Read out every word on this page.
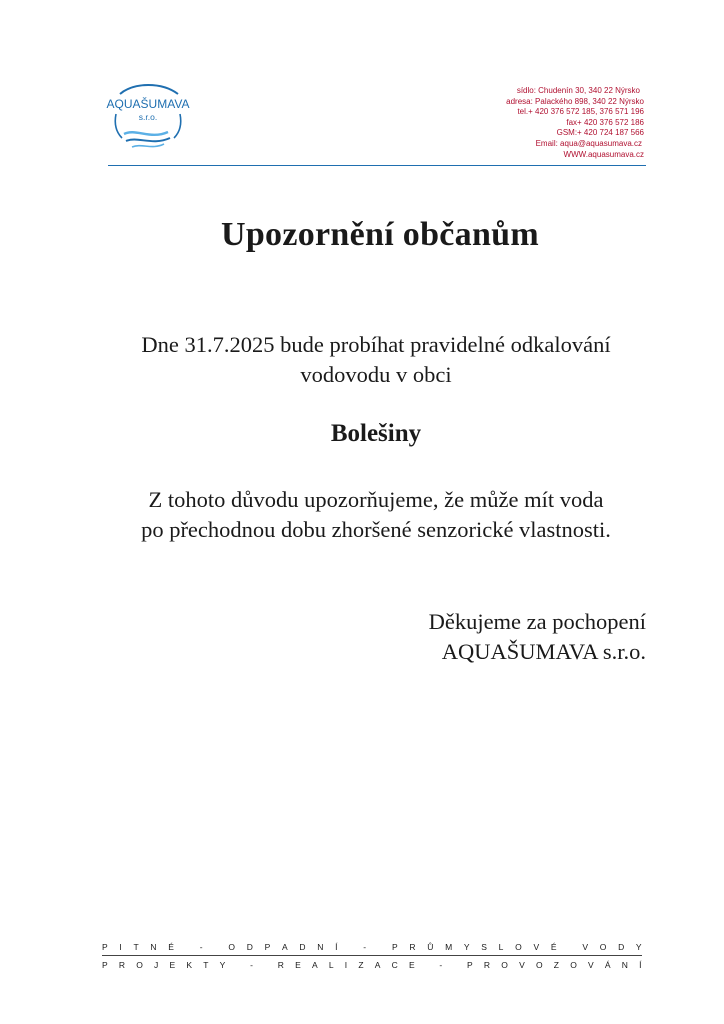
AQUAŠUMAVA
s.r.o.
sídlo: Chudenín 30, 340 22 Nýrsko
adresa: Palackého 898, 340 22 Nýrsko
tel.+ 420 376 572 185, 376 571 196
fax+ 420 376 572 186
GSM:+ 420 724 187 566
Email: aqua@aquasumava.cz
WWW.aquasumava.cz
Upozornění občanům
Dne 31.7.2025 bude probíhat pravidelné odkalování
vodovodu v obci
Bolešiny
Z tohoto důvodu upozorňujeme, že může mít voda
po přechodnou dobu zhoršené senzorické vlastnosti.
Děkujeme za pochopení
AQUAŠUMAVA s.r.o.
P I T N É
	-
	O D P A D N Í
	-
	P R Ů M Y S L O V É
	V O D Y
P R O J E K T Y
	-
	R E A L I Z A C E
	-
	P R O V O Z O V Á N Í
